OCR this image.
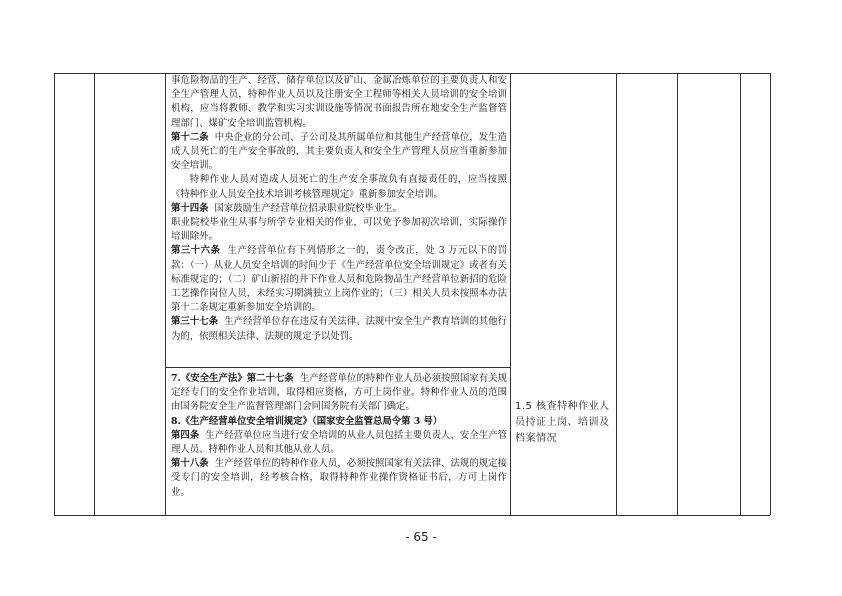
事危险物品的生产、经营、储存单位以及矿山、金属冶炼单位的主要负责人和安全生产管理人员，特种作业人员以及注册安全工程师等相关人员培训的安全培训机构，应当将教师、教学和实习实训设施等情况书面报告所在地安全生产监督管理部门、煤矿安全培训监管机构。

第十二条 中央企业的分公司、子公司及其所属单位和其他生产经营单位，发生造成人员死亡的生产安全事故的，其主要负责人和安全生产管理人员应当重新参加安全培训。

特种作业人员对造成人员死亡的生产安全事故负有直接责任的，应当按照《特种作业人员安全技术培训考核管理规定》重新参加安全培训。

第十四条 国家鼓励生产经营单位招录职业院校毕业生。

职业院校毕业生从事与所学专业相关的作业，可以免予参加初次培训，实际操作培训除外。

第三十六条 生产经营单位有下列情形之一的，责令改正，处 3 万元以下的罚款：（一）从业人员安全培训的时间少于《生产经营单位安全培训规定》或者有关标准规定的；（二）矿山新招的井下作业人员和危险物品生产经营单位新招的危险工艺操作岗位人员，未经实习期满独立上岗作业的；（三）相关人员未按照本办法第十二条规定重新参加安全培训的。

第三十七条 生产经营单位存在违反有关法律、法规中安全生产教育培训的其他行为的，依照相关法律、法规的规定予以处罚。

7.《安全生产法》第二十七条 生产经营单位的特种作业人员必须按照国家有关规定经专门的安全作业培训，取得相应资格，方可上岗作业。特种作业人员的范围由国务院安全生产监督管理部门会同国务院有关部门确定。

8.《生产经营单位安全培训规定》（国家安全监管总局令第 3 号）

第四条 生产经营单位应当进行安全培训的从业人员包括主要负责人、安全生产管理人员、特种作业人员和其他从业人员。

第十八条 生产经营单位的特种作业人员，必须按照国家有关法律、法规的规定接受专门的安全培训，经考核合格，取得特种作业操作资格证书后，方可上岗作业。

1.5 核查特种作业人员持证上岗、培训及档案情况
- 65 -
